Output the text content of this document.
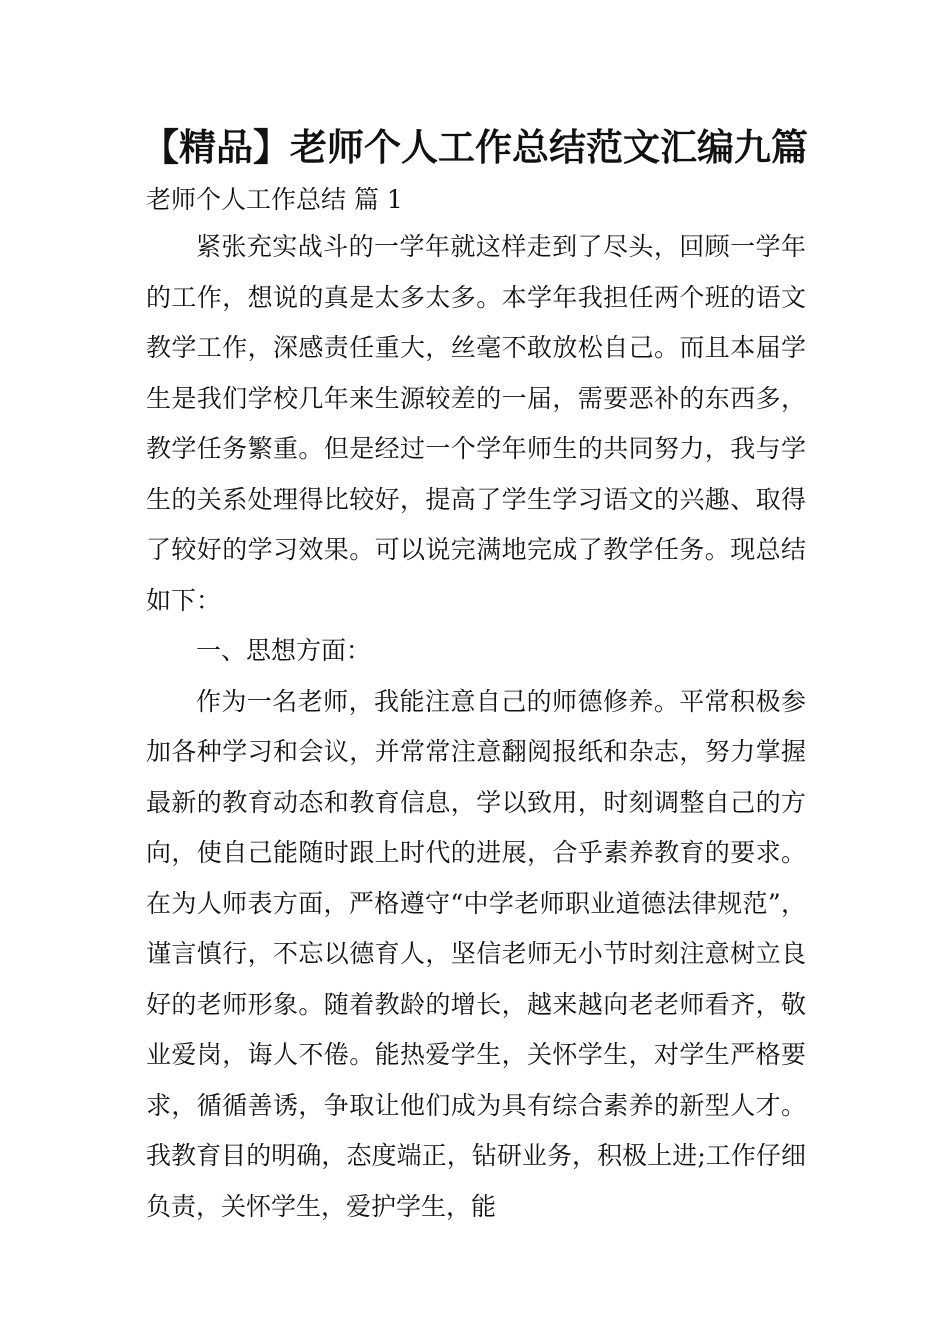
【精品】老师个人工作总结范文汇编九篇

老师个人工作总结 篇 1

紧张充实战斗的一学年就这样走到了尽头，回顾一学年的工作，想说的真是太多太多。本学年我担任两个班的语文教学工作，深感责任重大，丝毫不敢放松自己。而且本届学生是我们学校几年来生源较差的一届，需要恶补的东西多，教学任务繁重。但是经过一个学年师生的共同努力，我与学生的关系处理得比较好，提高了学生学习语文的兴趣、取得了较好的学习效果。可以说完满地完成了教学任务。现总结如下：

一、思想方面：

作为一名老师，我能注意自己的师德修养。平常积极参加各种学习和会议，并常常注意翻阅报纸和杂志，努力掌握最新的教育动态和教育信息，学以致用，时刻调整自己的方向，使自己能随时跟上时代的进展，合乎素养教育的要求。在为人师表方面，严格遵守“中学老师职业道德法律规范”，谨言慎行，不忘以德育人，坚信老师无小节时刻注意树立良好的老师形象。随着教龄的增长，越来越向老老师看齐，敬业爱岗，诲人不倦。能热爱学生，关怀学生，对学生严格要求，循循善诱，争取让他们成为具有综合素养的新型人才。我教育目的明确，态度端正，钻研业务，积极上进;工作仔细负责，关怀学生，爱护学生，能
